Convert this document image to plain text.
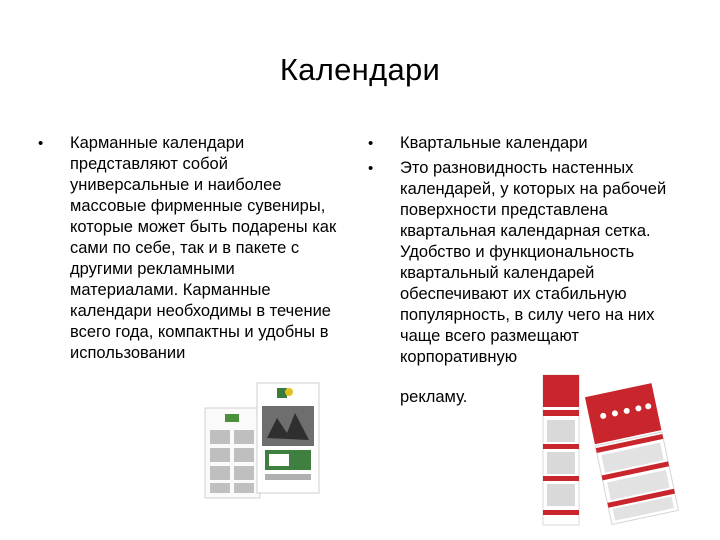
Календари
• Карманные календари представляют собой универсальные и наиболее массовые фирменные сувениры, которые может быть подарены как сами по себе, так и в пакете с другими рекламными материалами. Карманные календари необходимы в течение всего года, компактны и удобны в использовании
• Квартальные календари
• Это разновидность настенных календарей, у которых на рабочей поверхности представлена квартальная календарная сетка. Удобство и функциональность квартальный календарей обеспечивают их стабильную популярность, в силу чего на них чаще всего размещают корпоративную
рекламу.
